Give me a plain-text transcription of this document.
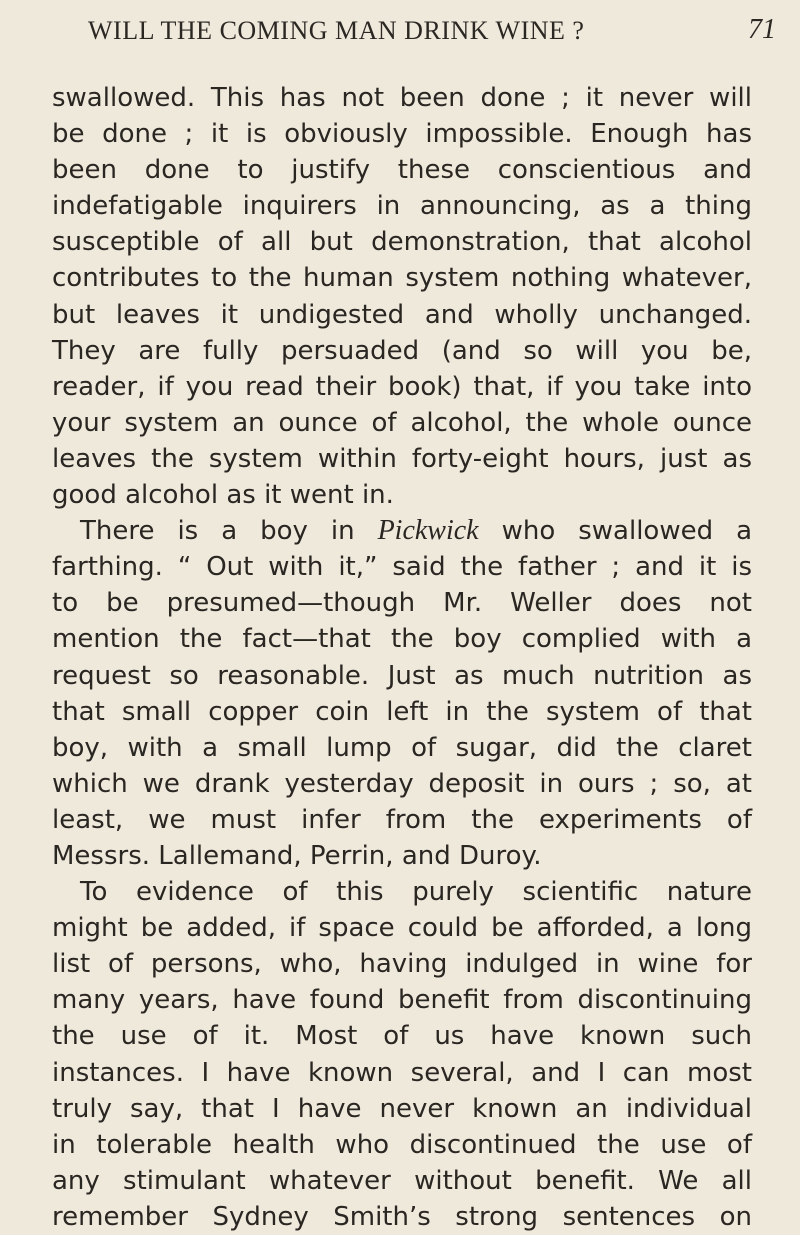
WILL THE COMING MAN DRINK WINE ?	71
swallowed. This has not been done ; it never will
be done ; it is obviously impossible. Enough has
been done to justify these conscientious and
indefatigable inquirers in announcing, as a thing
susceptible of all but demonstration, that alcohol
contributes to the human system nothing whatever,
but leaves it undigested and wholly unchanged.
They are fully persuaded (and so will you be,
reader, if you read their book) that, if you take into
your system an ounce of alcohol, the whole ounce
leaves the system within forty-eight hours, just as
good alcohol as it went in.
There is a boy in Pickwick who swallowed a
farthing. “ Out with it,” said the father ; and it is
to be presumed—though Mr. Weller does not
mention the fact—that the boy complied with a
request so reasonable. Just as much nutrition as
that small copper coin left in the system of that
boy, with a small lump of sugar, did the claret
which we drank yesterday deposit in ours ; so, at
least, we must infer from the experiments of
Messrs. Lallemand, Perrin, and Duroy.
To evidence of this purely scientific nature
might be added, if space could be afforded, a long
list of persons, who, having indulged in wine for
many years, have found benefit from discontinuing
the use of it. Most of us have known such
instances. I have known several, and I can most
truly say, that I have never known an individual
in tolerable health who discontinued the use of
any stimulant whatever without benefit. We all
remember Sydney Smith’s strong sentences on
